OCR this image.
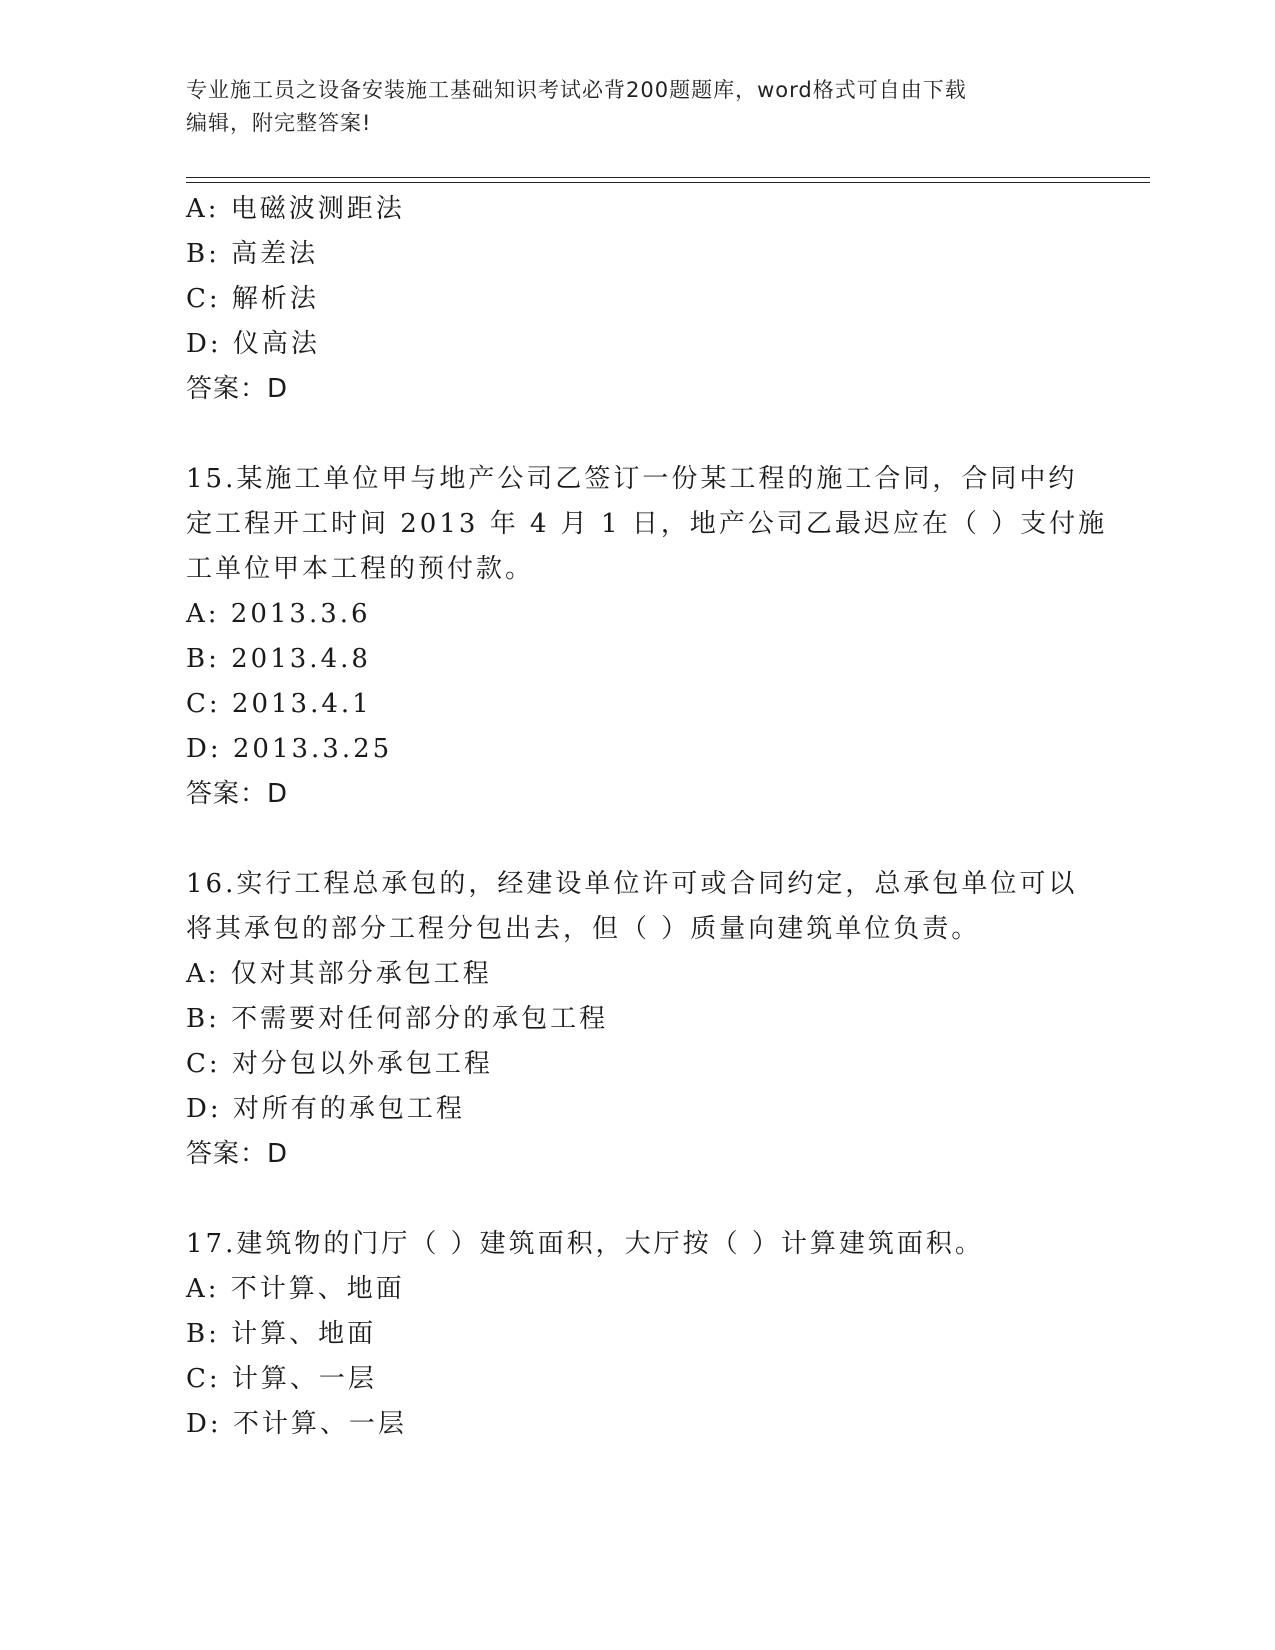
专业施工员之设备安装施工基础知识考试必背200题题库，word格式可自由下载
编辑，附完整答案!
A: 电磁波测距法
B: 高差法
C: 解析法
D: 仪高法
答案：D
15.某施工单位甲与地产公司乙签订一份某工程的施工合同，合同中约
定工程开工时间 2013 年 4 月 1 日，地产公司乙最迟应在（ ）支付施
工单位甲本工程的预付款。
A: 2013.3.6
B: 2013.4.8
C: 2013.4.1
D: 2013.3.25
答案：D
16.实行工程总承包的，经建设单位许可或合同约定，总承包单位可以
将其承包的部分工程分包出去，但（ ）质量向建筑单位负责。
A: 仅对其部分承包工程
B: 不需要对任何部分的承包工程
C: 对分包以外承包工程
D: 对所有的承包工程
答案：D
17.建筑物的门厅（ ）建筑面积，大厅按（ ）计算建筑面积。
A: 不计算、地面
B: 计算、地面
C: 计算、一层
D: 不计算、一层
